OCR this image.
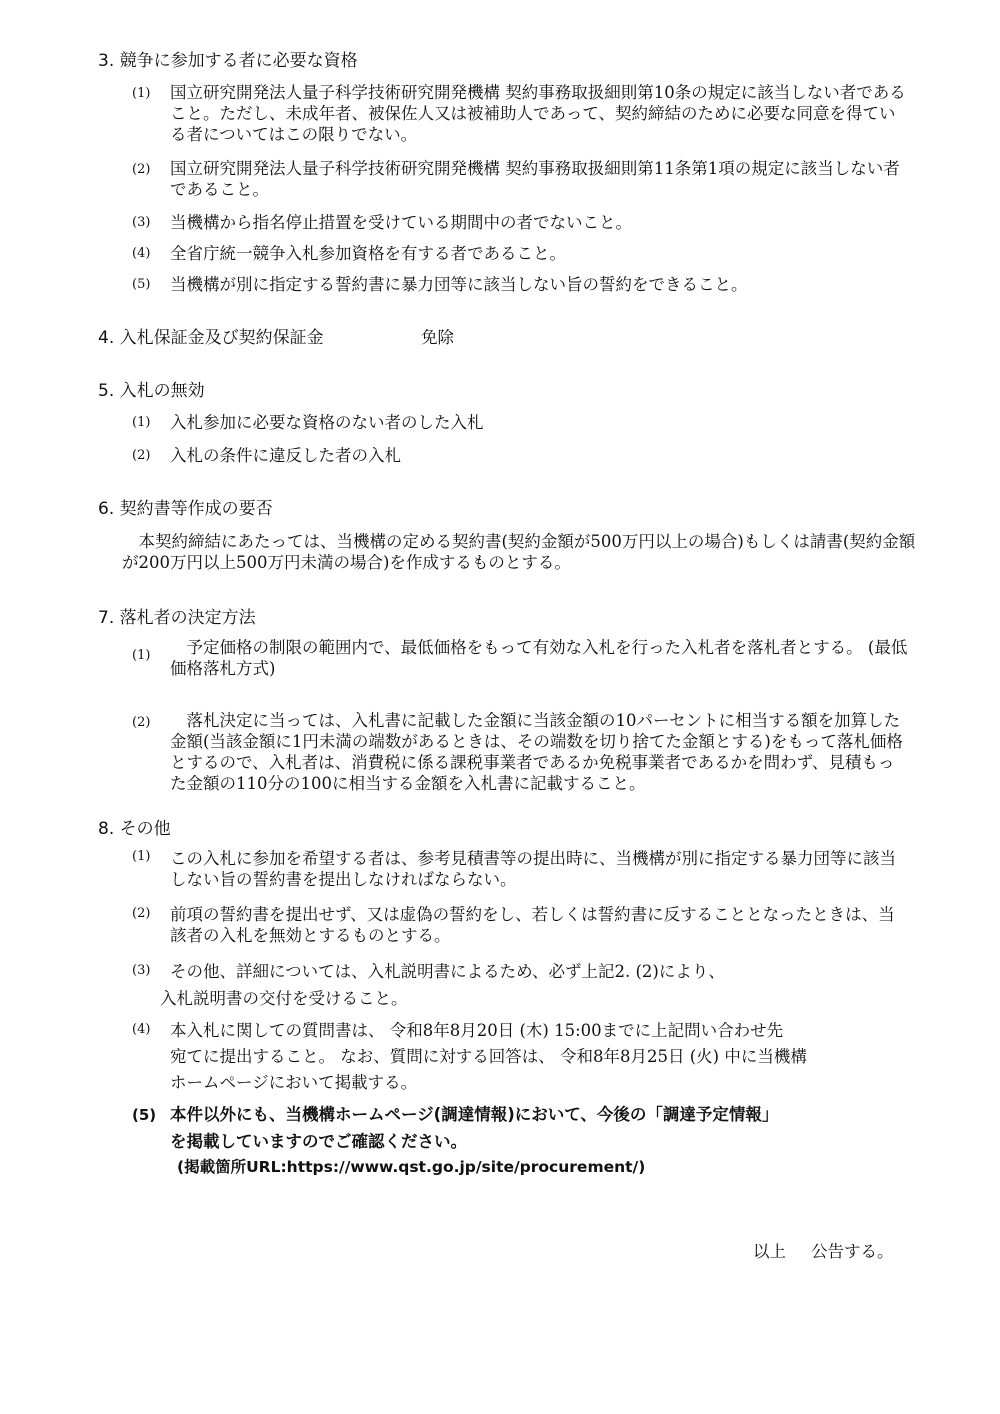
3. 競争に参加する者に必要な資格
(1) 国立研究開発法人量子科学技術研究開発機構 契約事務取扱細則第10条の規定に該当しない者であること。ただし、未成年者、被保佐人又は被補助人であって、契約締結のために必要な同意を得ている者についてはこの限りでない。
(2) 国立研究開発法人量子科学技術研究開発機構 契約事務取扱細則第11条第1項の規定に該当しない者であること。
(3) 当機構から指名停止措置を受けている期間中の者でないこと。
(4) 全省庁統一競争入札参加資格を有する者であること。
(5) 当機構が別に指定する誓約書に暴力団等に該当しない旨の誓約をできること。
4. 入札保証金及び契約保証金	免除
5. 入札の無効
(1) 入札参加に必要な資格のない者のした入札
(2) 入札の条件に違反した者の入札
6. 契約書等作成の要否
本契約締結にあたっては、当機構の定める契約書(契約金額が500万円以上の場合)もしくは請書(契約金額が200万円以上500万円未満の場合)を作成するものとする。
7. 落札者の決定方法
(1)	予定価格の制限の範囲内で、最低価格をもって有効な入札を行った入札者を落札者とする。 (最低価格落札方式)
(2)	落札決定に当っては、入札書に記載した金額に当該金額の10パーセントに相当する額を加算した金額(当該金額に1円未満の端数があるときは、その端数を切り捨てた金額とする)をもって落札価格とするので、入札者は、消費税に係る課税事業者であるか免税事業者であるかを問わず、見積もった金額の110分の100に相当する金額を入札書に記載すること。
8. その他
(1) この入札に参加を希望する者は、参考見積書等の提出時に、当機構が別に指定する暴力団等に該当しない旨の誓約書を提出しなければならない。
(2) 前項の誓約書を提出せず、又は虚偽の誓約をし、若しくは誓約書に反することとなったときは、当該者の入札を無効とするものとする。
(3) その他、詳細については、入札説明書によるため、必ず上記2. (2)により、
入札説明書の交付を受けること。
(4) 本入札に関しての質問書は、 令和8年8月20日 (木) 15:00までに上記問い合わせ先
宛てに提出すること。 なお、質問に対する回答は、 令和8年8月25日 (火) 中に当機構
ホームページにおいて掲載する。
(5) 本件以外にも、当機構ホームページ(調達情報)において、今後の「調達予定情報」
を掲載していますのでご確認ください。
(掲載箇所URL:https://www.qst.go.jp/site/procurement/)
以上 公告する。
